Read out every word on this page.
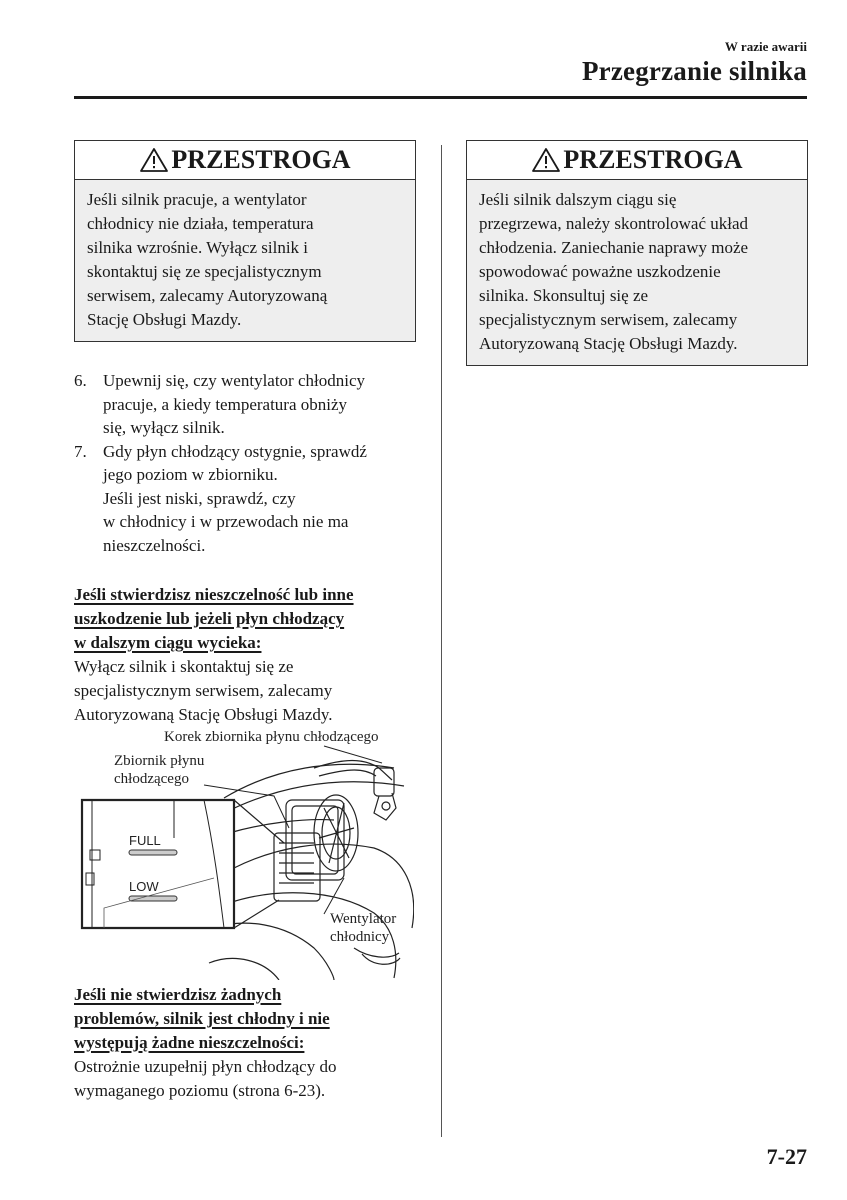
W razie awarii
Przegrzanie silnika
PRZESTROGA
Jeśli silnik pracuje, a wentylator
chłodnicy nie działa, temperatura
silnika wzrośnie. Wyłącz silnik i
skontaktuj się ze specjalistycznym
serwisem, zalecamy Autoryzowaną
Stację Obsługi Mazdy.
PRZESTROGA
Jeśli silnik dalszym ciągu się
przegrzewa, należy skontrolować układ
chłodzenia. Zaniechanie naprawy może
spowodować poważne uszkodzenie
silnika. Skonsultuj się ze
specjalistycznym serwisem, zalecamy
Autoryzowaną Stację Obsługi Mazdy.
6. Upewnij się, czy wentylator chłodnicy
pracuje, a kiedy temperatura obniży
się, wyłącz silnik.
7. Gdy płyn chłodzący ostygnie, sprawdź
jego poziom w zbiorniku.
Jeśli jest niski, sprawdź, czy
w chłodnicy i w przewodach nie ma
nieszczelności.
Jeśli stwierdzisz nieszczelność lub inne
uszkodzenie lub jeżeli płyn chłodzący
w dalszym ciągu wycieka:
Wyłącz silnik i skontaktuj się ze
specjalistycznym serwisem, zalecamy
Autoryzowaną Stację Obsługi Mazdy.
Korek zbiornika płynu chłodzącego
Zbiornik płynu
chłodzącego
FULL
LOW
Wentylator
chłodnicy
Jeśli nie stwierdzisz żadnych
problemów, silnik jest chłodny i nie
występują żadne nieszczelności:
Ostrożnie uzupełnij płyn chłodzący do
wymaganego poziomu (strona 6-23).
7-27
